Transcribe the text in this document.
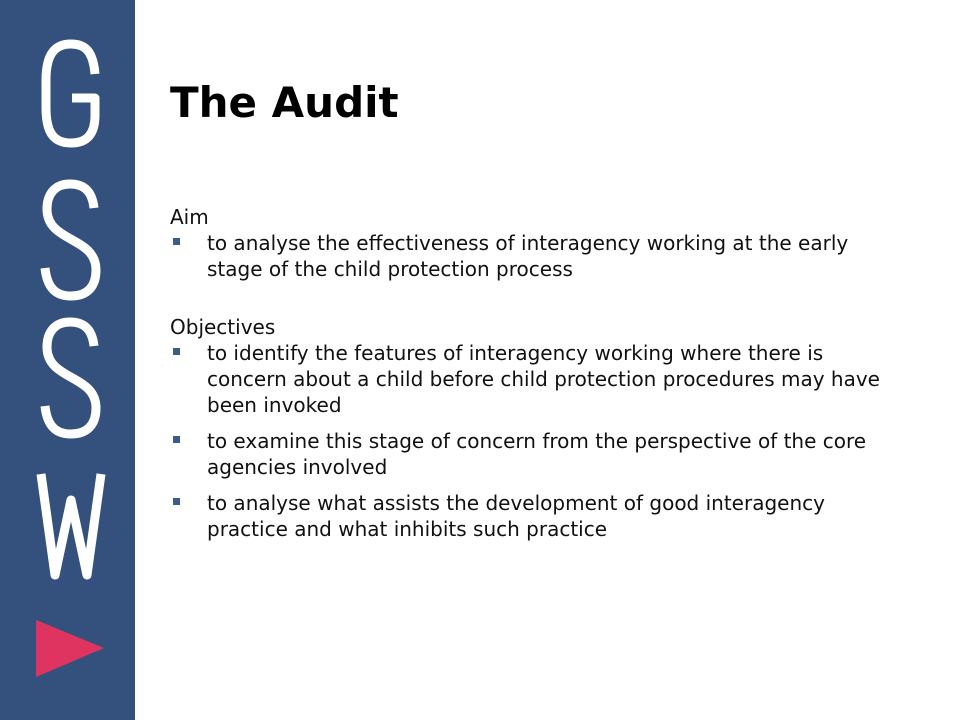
The Audit

Aim

to analyse the effectiveness of interagency working at the early stage of the child protection process

Objectives

to identify the features of interagency working where there is concern about a child before child protection procedures may have been invoked
to examine this stage of concern from the perspective of the core agencies involved
to analyse what assists the development of good interagency practice and what inhibits such practice
